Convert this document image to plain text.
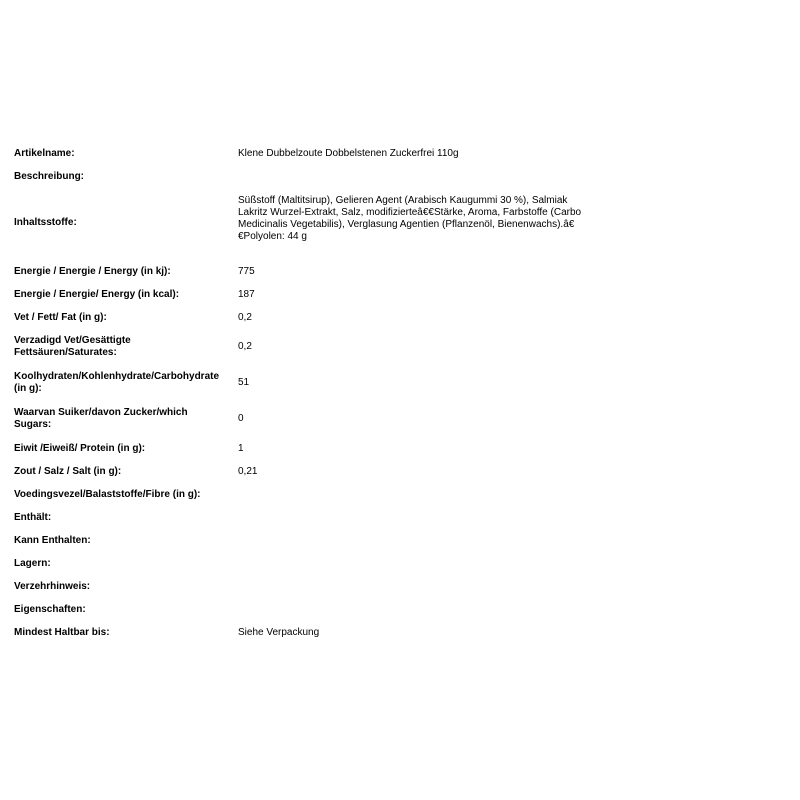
Artikelname:	Klene Dubbelzoute Dobbelstenen Zuckerfrei 110g
Beschreibung:	
Inhaltsstoffe:	Süßstoff (Maltitsirup), Gelieren Agent (Arabisch Kaugummi 30 %), Salmiak Lakritz Wurzel-Extrakt, Salz, modifizierteâ€€Stärke, Aroma, Farbstoffe (Carbo Medicinalis Vegetabilis), Verglasung Agentien (Pflanzenöl, Bienenwachs).â€€Polyolen: 44 g

Energie / Energie / Energy (in kj):	775
Energie / Energie/ Energy (in kcal):	187
Vet / Fett/ Fat (in g):	0,2

Verzadigd Vet/Gesättigte Fettsäuren/Saturates:	0,2

Koolhydraten/Kohlenhydrate/Carbohydrate (in g):	51

Waarvan Suiker/davon Zucker/which Sugars:	0
Eiwit /Eiweiß/ Protein (in g):	1
Zout / Salz / Salt (in g):	0,21
Voedingsvezel/Balaststoffe/Fibre (in g):	
Enthält:	
Kann Enthalten:	
Lagern:	
Verzehrhinweis:	
Eigenschaften:	
Mindest Haltbar bis:	Siehe Verpackung
